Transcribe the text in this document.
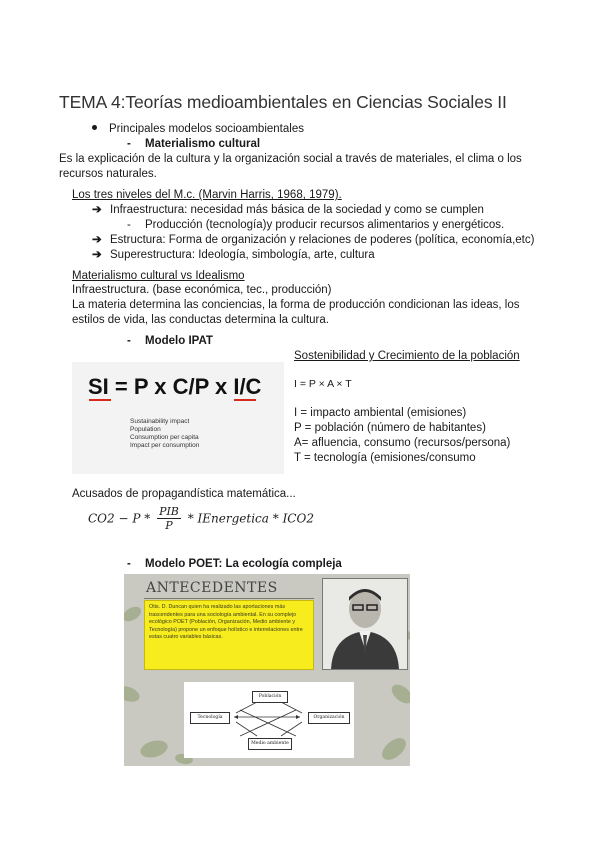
TEMA 4:Teorías medioambientales en Ciencias Sociales II
Principales modelos socioambientales
- Materialismo cultural
Es la explicación de la cultura y la organización social a través de materiales, el clima o los
recursos naturales.
Los tres niveles del M.c. (Marvin Harris, 1968, 1979).
➔ Infraestructura: necesidad más básica de la sociedad y como se cumplen
- Producción (tecnología)y producir recursos alimentarios y energéticos.
➔ Estructura: Forma de organización y relaciones de poderes (política, economía,etc)
➔ Superestructura: Ideología, simbología, arte, cultura
Materialismo cultural vs Idealismo
Infraestructura. (base económica, tec., producción)
La materia determina las conciencias, la forma de producción condicionan las ideas, los
estilos de vida, las conductas determina la cultura.
- Modelo IPAT
SI = P x C/P x I/C
Sustainability impact
Population
Consumption per capita
Impact per consumption
Sostenibilidad y Crecimiento de la población
I = P × A × T
I = impacto ambiental (emisiones)
P = población (número de habitantes)
A= afluencia, consumo (recursos/persona)
T = tecnología (emisiones/consumo
Acusados de propagandística matemática...
$CO2 - P * \frac{\text{PIB}}{P}$ * IEnergetica * ICO2
- Modelo POET: La ecología compleja
ANTECEDENTES
Otis. D. Duncan quien ha realizado las aportaciones más trascendentes para una sociología ambiental. En su complejo ecológico POET (Población, Organización, Medio ambiente y Tecnología) propone un enfoque holístico e interrelaciones entre estas cuatro variables básicas.
Población
Tecnología	Organización
Medio ambiente
